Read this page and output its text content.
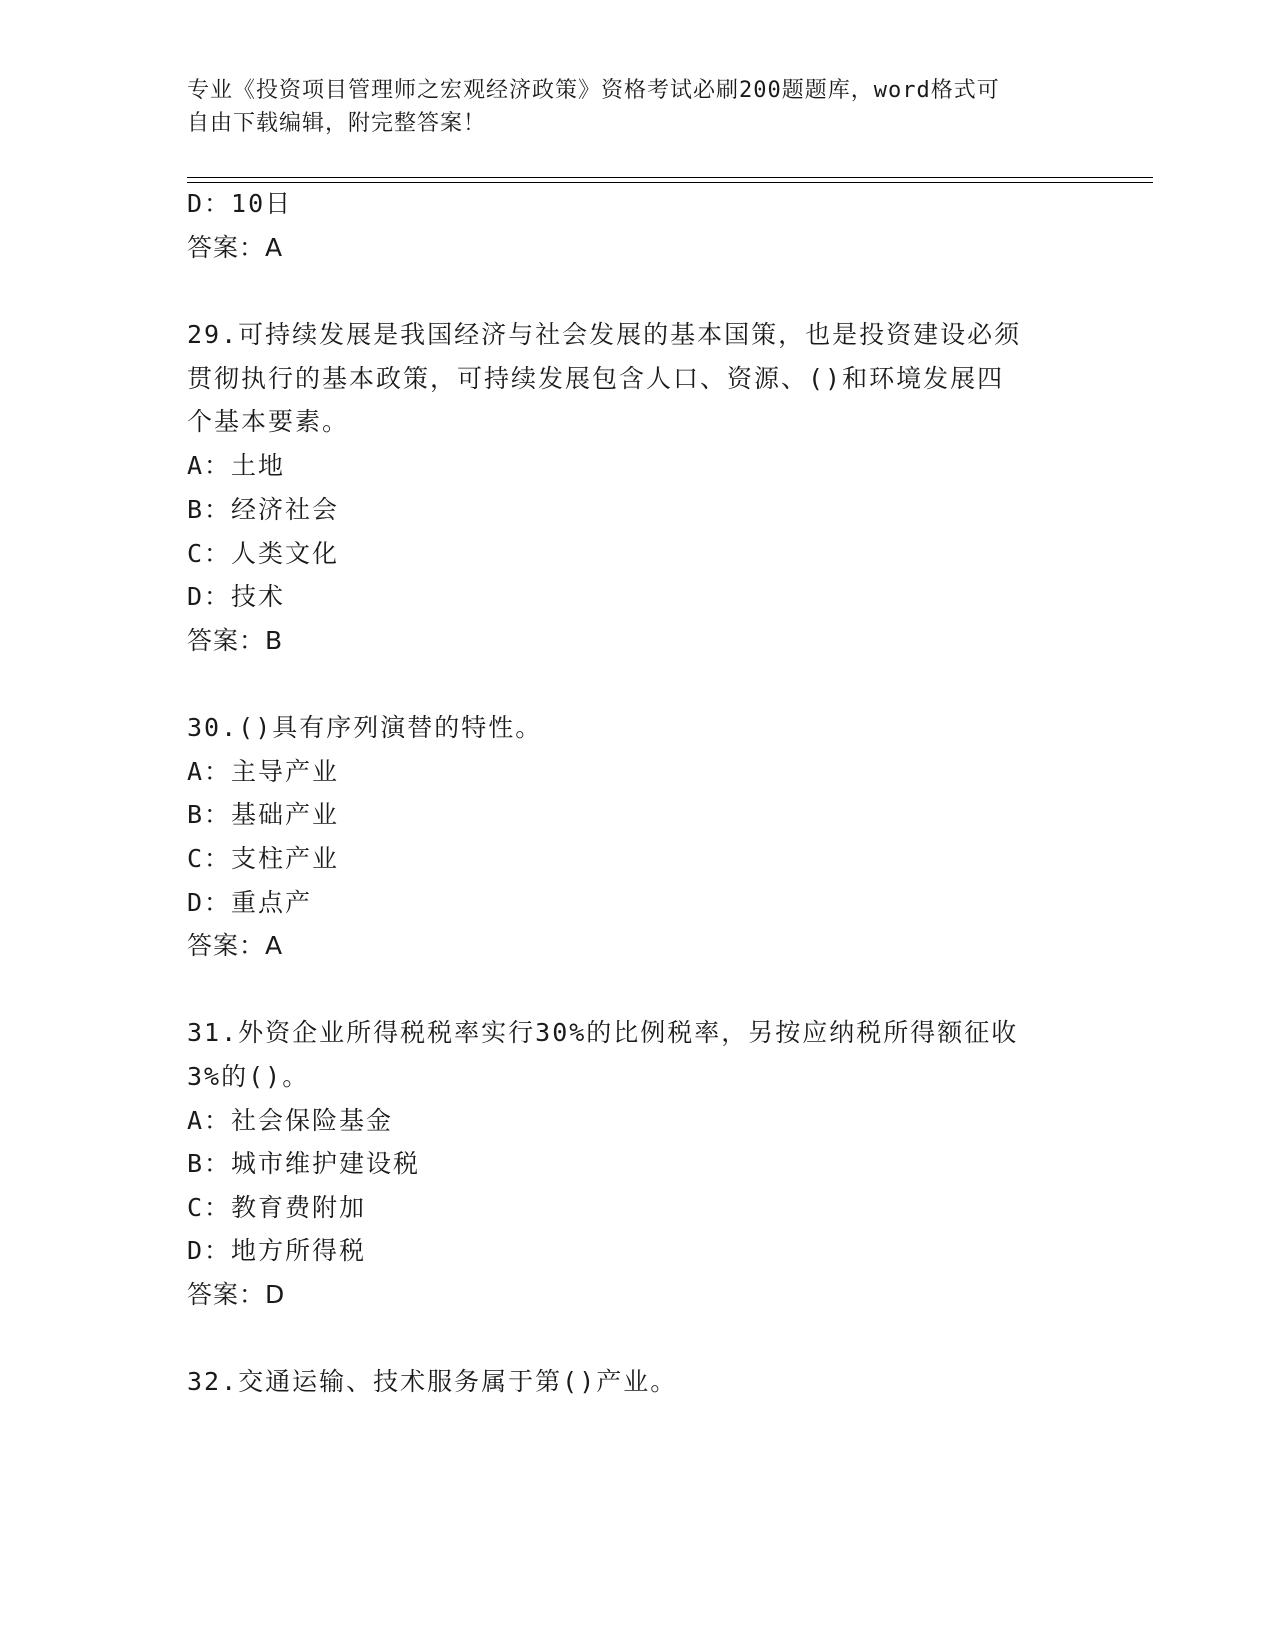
专业《投资项目管理师之宏观经济政策》资格考试必刷200题题库，word格式可
自由下载编辑，附完整答案！
D：10日
答案：A
29.可持续发展是我国经济与社会发展的基本国策，也是投资建设必须
贯彻执行的基本政策，可持续发展包含人口、资源、()和环境发展四
个基本要素。
A：土地
B：经济社会
C：人类文化
D：技术
答案：B
30.()具有序列演替的特性。
A：主导产业
B：基础产业
C：支柱产业
D：重点产
答案：A
31.外资企业所得税税率实行30%的比例税率，另按应纳税所得额征收
3%的()。
A：社会保险基金
B：城市维护建设税
C：教育费附加
D：地方所得税
答案：D
32.交通运输、技术服务属于第()产业。
